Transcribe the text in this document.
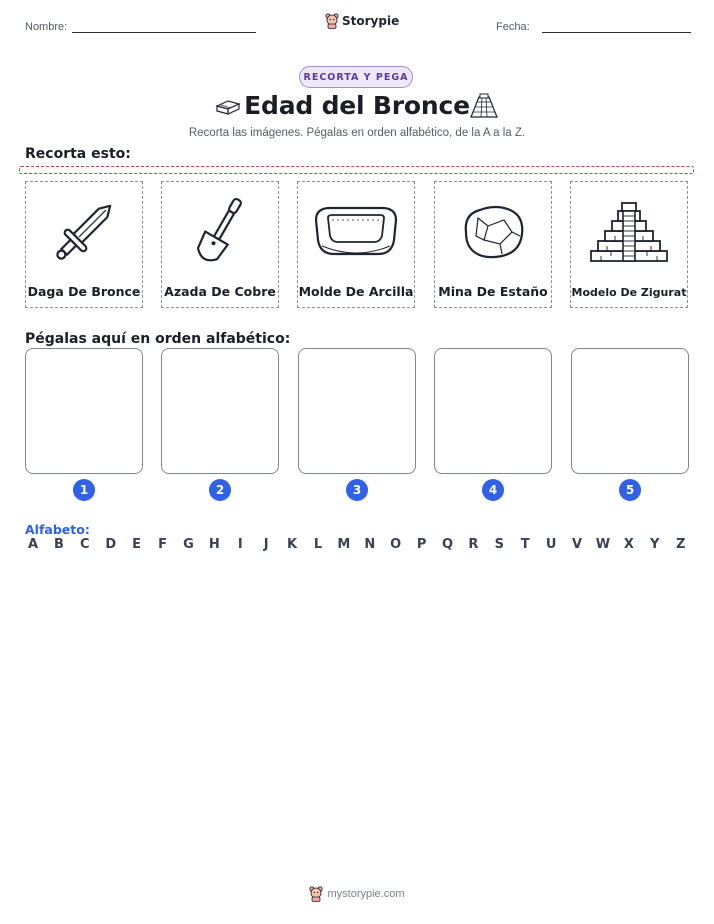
Nombre:	Storypie	Fecha:
RECORTA Y PEGA
Edad del Bronce
Recorta las imágenes. Pégalas en orden alfabético, de la A a la Z.
Recorta esto:
Daga De Bronce Azada De Cobre Molde De Arcilla Mina De Estaño Modelo De Zigurat
Pégalas aquí en orden alfabético:
1	2	3	4	5
Alfabeto:
A B C D E F G H	I	J	K L M N O P Q R S T U V W X Y Z
mystorypie.com
